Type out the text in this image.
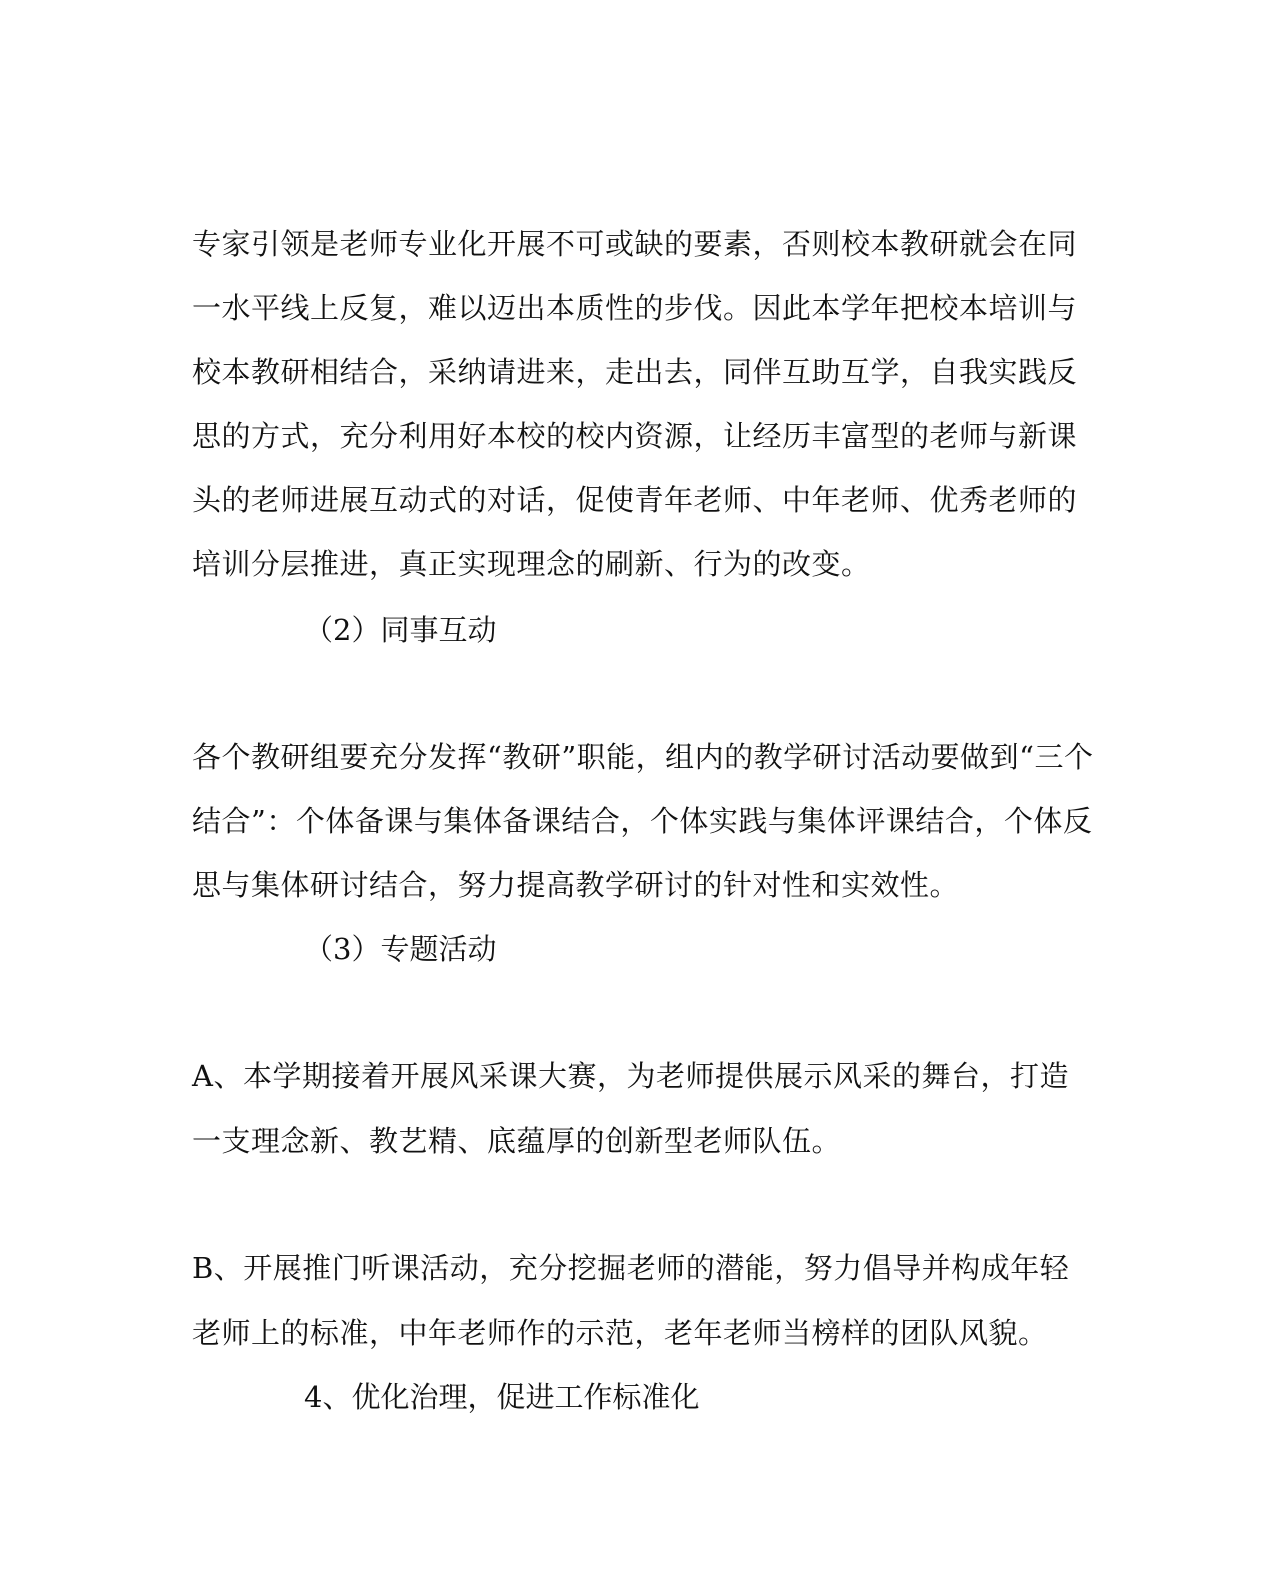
专家引领是老师专业化开展不可或缺的要素，否则校本教研就会在同
一水平线上反复，难以迈出本质性的步伐。因此本学年把校本培训与
校本教研相结合，采纳请进来，走出去，同伴互助互学，自我实践反
思的方式，充分利用好本校的校内资源，让经历丰富型的老师与新课
头的老师进展互动式的对话，促使青年老师、中年老师、优秀老师的
培训分层推进，真正实现理念的刷新、行为的改变。
（2）同事互动
各个教研组要充分发挥“教研”职能，组内的教学研讨活动要做到“三个
结合”：个体备课与集体备课结合，个体实践与集体评课结合，个体反
思与集体研讨结合，努力提高教学研讨的针对性和实效性。
（3）专题活动
A、本学期接着开展风采课大赛，为老师提供展示风采的舞台，打造
一支理念新、教艺精、底蕴厚的创新型老师队伍。
B、开展推门听课活动，充分挖掘老师的潜能，努力倡导并构成年轻
老师上的标准，中年老师作的示范，老年老师当榜样的团队风貌。
4、优化治理，促进工作标准化
